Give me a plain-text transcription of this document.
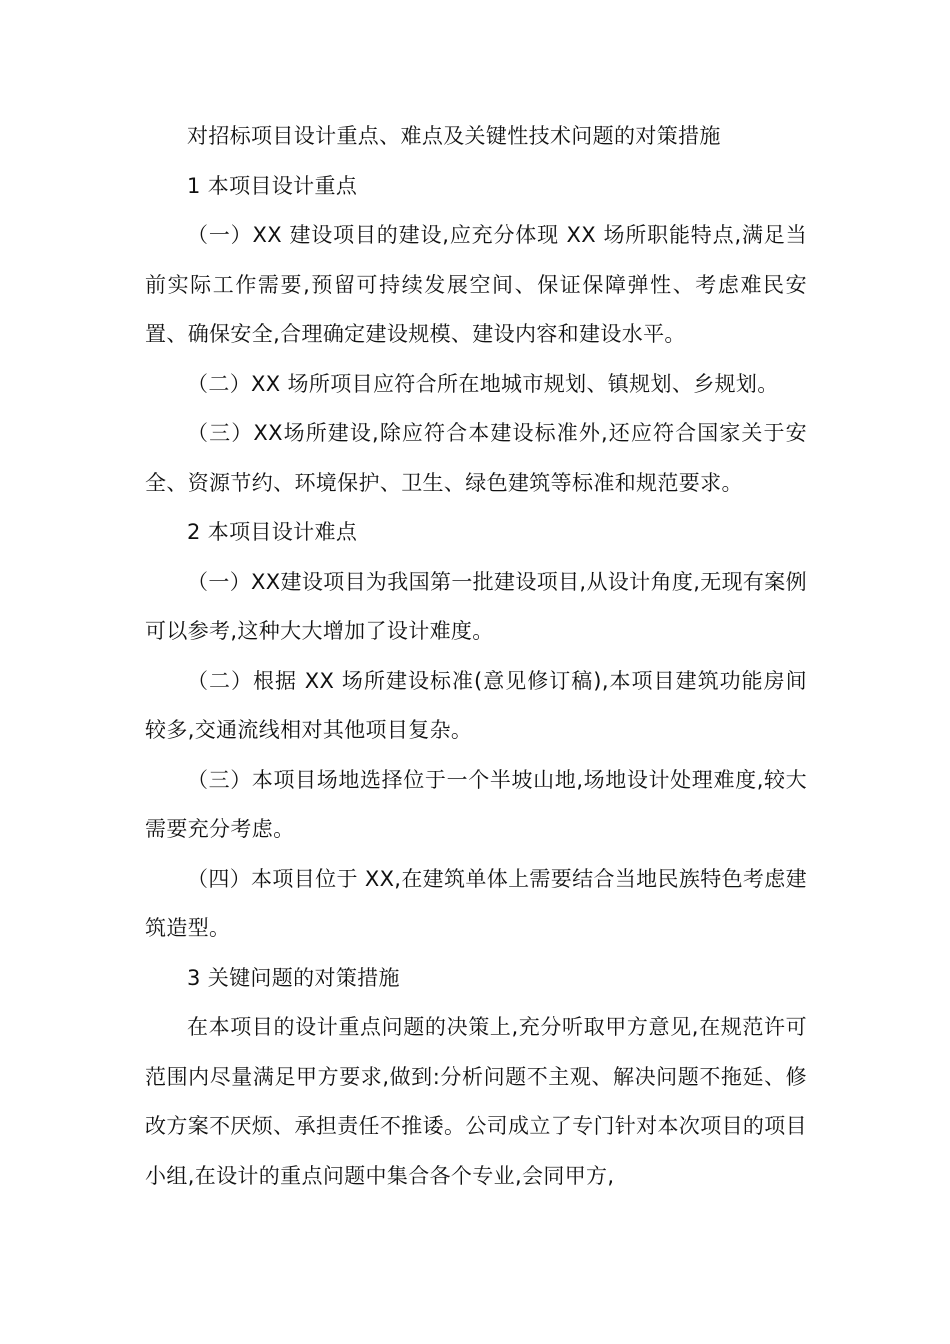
对招标项目设计重点、难点及关键性技术问题的对策措施

1 本项目设计重点

（一）XX 建设项目的建设,应充分体现 XX 场所职能特点,满足当前实际工作需要,预留可持续发展空间、保证保障弹性、考虑难民安置、确保安全,合理确定建设规模、建设内容和建设水平。

（二）XX 场所项目应符合所在地城市规划、镇规划、乡规划。

（三）XX场所建设,除应符合本建设标准外,还应符合国家关于安全、资源节约、环境保护、卫生、绿色建筑等标准和规范要求。

2 本项目设计难点

（一）XX建设项目为我国第一批建设项目,从设计角度,无现有案例可以参考,这种大大增加了设计难度。

（二）根据 XX 场所建设标准(意见修订稿),本项目建筑功能房间较多,交通流线相对其他项目复杂。

（三）本项目场地选择位于一个半坡山地,场地设计处理难度,较大需要充分考虑。

（四）本项目位于 XX,在建筑单体上需要结合当地民族特色考虑建筑造型。

3 关键问题的对策措施

在本项目的设计重点问题的决策上,充分听取甲方意见,在规范许可范围内尽量满足甲方要求,做到:分析问题不主观、解决问题不拖延、修改方案不厌烦、承担责任不推诿。公司成立了专门针对本次项目的项目小组,在设计的重点问题中集合各个专业,会同甲方,
